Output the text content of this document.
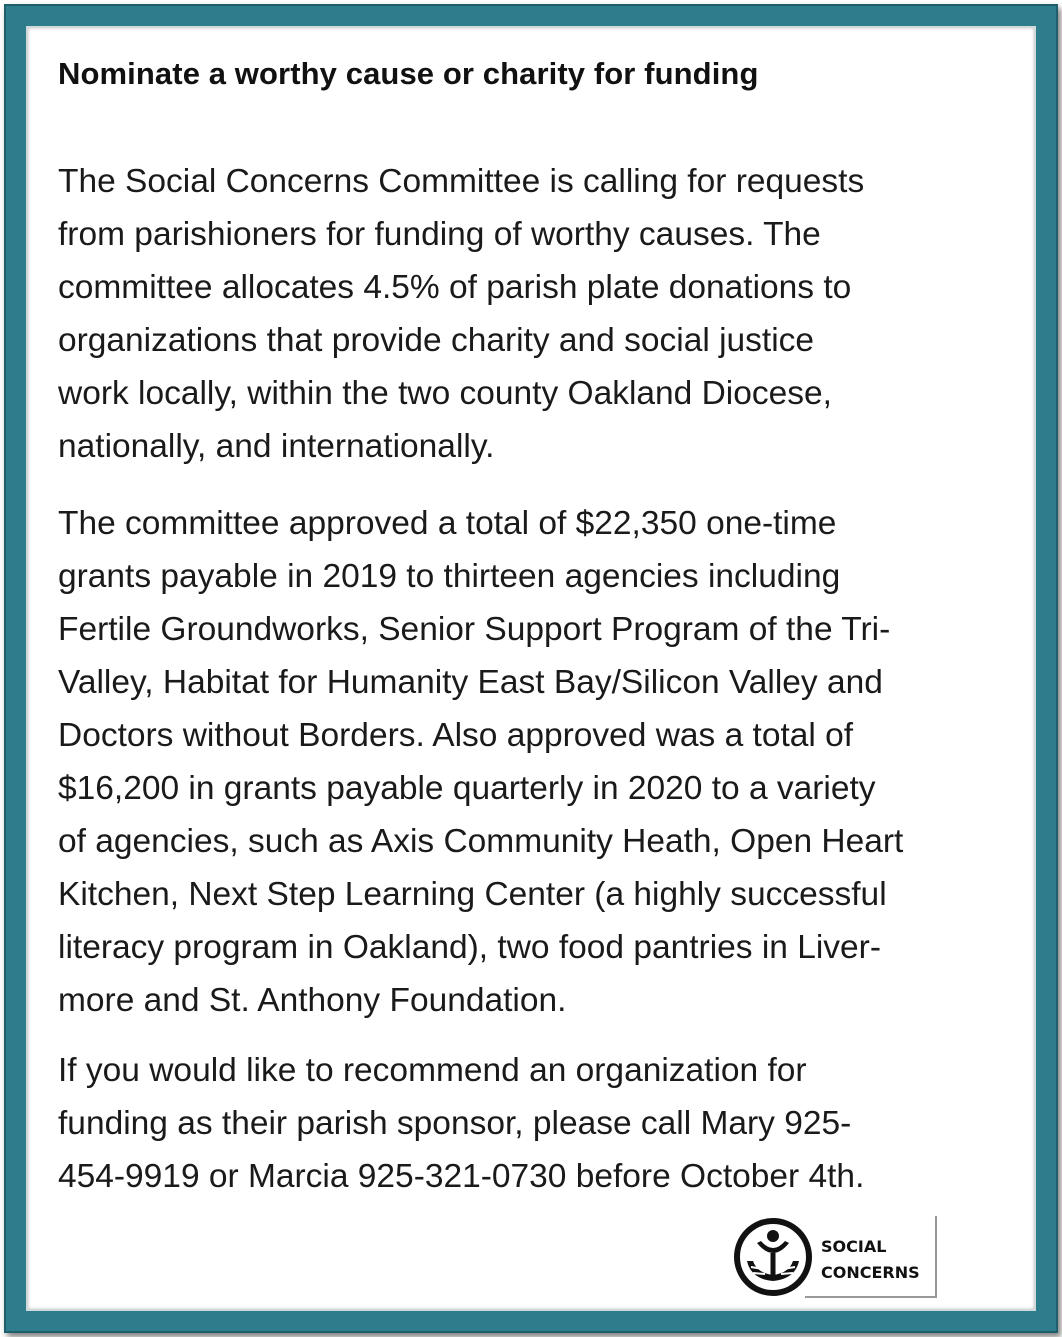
Nominate a worthy cause or charity for funding

The Social Concerns Committee is calling for requests
from parishioners for funding of worthy causes. The
committee allocates 4.5% of parish plate donations to
organizations that provide charity and social justice
work locally, within the two county Oakland Diocese,
nationally, and internationally.

The committee approved a total of $22,350 one-time
grants payable in 2019 to thirteen agencies including
Fertile Groundworks, Senior Support Program of the Tri-
Valley, Habitat for Humanity East Bay/Silicon Valley and
Doctors without Borders. Also approved was a total of
$16,200 in grants payable quarterly in 2020 to a variety
of agencies, such as Axis Community Heath, Open Heart
Kitchen, Next Step Learning Center (a highly successful
literacy program in Oakland), two food pantries in Liver-
more and St. Anthony Foundation.

If you would like to recommend an organization for
funding as their parish sponsor, please call Mary 925-
454-9919 or Marcia 925-321-0730 before October 4th.

SOCIAL
CONCERNS
